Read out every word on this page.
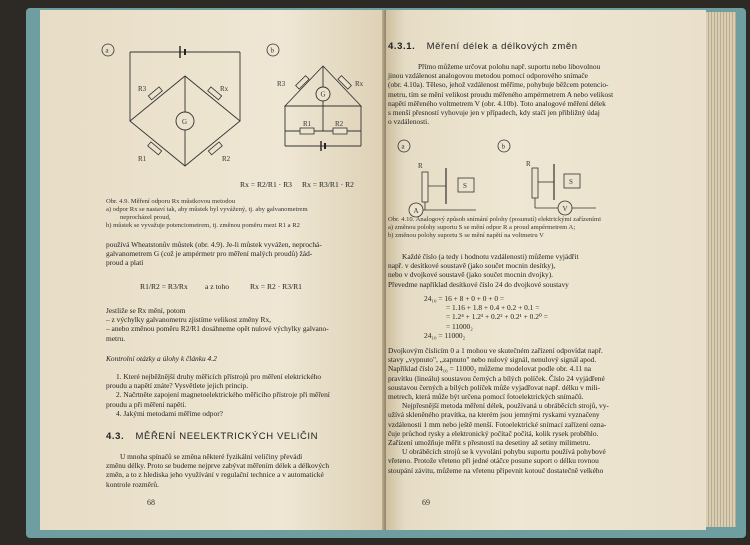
a
G
R3	Rx
R1	R2
b
G
R3	Rx
R1	R2
Rx = R2/R1 · R3 Rx = R3/R1 · R2
Obr. 4.9. Měření odporu Rx můstkovou metodou
a) odpor Rx se nastaví tak, aby můstek byl vyvážený, tj. aby galvanometrem
neprocházel proud,
b) můstek se vyvažuje potenciometrem, tj. změnou poměru mezi R1 a R2
používá Wheatstonův můstek (obr. 4.9). Je-li můstek vyvážen, neprochá-
galvanometrem G (což je ampérmetr pro měření malých proudů) žád-
proud a platí
R1/R2 = R3/Rx a z toho	Rx = R2 · R3/R1
Jestliže se Rx mění, potom
– z výchylky galvanometru zjistíme velikost změny Rx,
– anebo změnou poměru R2/R1 dosáhneme opět nulové výchylky galvano-
metru.
Kontrolní otázky a úlohy k článku 4.2
1. Které nejběžnější druhy měřicích přístrojů pro měření elektrického
proudu a napětí znáte? Vysvětlete jejich princip.
2. Načrtněte zapojení magnetoelektrického měřicího přístroje při měření
proudu a při měření napětí.
4. Jakými metodami měříme odpor?
4.3. MĚŘENÍ NEELEKTRICKÝCH VELIČIN
U mnoha spínačů se změna některé fyzikální veličiny převádí
změnu délky. Proto se budeme nejprve zabývat měřením délek a délkových
změn, a to z hlediska jeho využívání v regulační technice a v automatické
kontrole rozměrů.
68
4.3.1. Měření délek a délkových změn
Přímo můžeme určovat polohu např. suportu nebo libovolnou
jinou vzdálenost analogovou metodou pomocí odporového snímače
(obr. 4.10a). Těleso, jehož vzdálenost měříme, pohybuje běžcem potencio-
metru, tím se mění velikost proudu měřeného ampérmetrem A nebo velikost
napětí měřeného voltmetrem V (obr. 4.10b). Toto analogové měření délek
s menší přesností vyhovuje jen v případech, kdy stačí jen přibližný údaj
o vzdálenosti.
a
R
S
A
b
R
S
V
Obr. 4.10. Analogový způsob snímání polohy (posunutí) elektrickými zařízeními
a) změnou polohy suportu S se mění odpor R a proud ampérmetrem A;
b) změnou polohy suportu S se mění napětí na voltmetru V
Každé číslo (a tedy i hodnotu vzdálenosti) můžeme vyjádřit
např. v desítkové soustavě (jako součet mocnin desítky),
nebo v dvojkové soustavě (jako součet mocnin dvojky).
Převedme například desítkové číslo 24 do dvojkové soustavy
24₁₀ = 16 + 8 + 0 + 0 + 0 =
= 1.16 + 1.8 + 0.4 + 0.2 + 0.1 =
= 1.2⁴ + 1.2³ + 0.2² + 0.2¹ + 0.2⁰ =
= 11000₂
24₁₀ = 11000₂
Dvojkovým číslicím 0 a 1 mohou ve skutečném zařízení odpovídat např.
stavy „vypnuto", „zapnuto" nebo nulový signál, nenulový signál apod.
Například číslo 24₁₀ = 11000₂ můžeme modelovat podle obr. 4.11 na
pravítku (lineálu) soustavou černých a bílých políček. Číslo 24 vyjádřené
soustavou černých a bílých políček může vyjadřovat např. délku v mili-
metrech, která může být určena pomocí fotoelektrických snímačů.
Nejpřesnější metoda měření délek, používaná u obráběcích strojů, vy-
užívá skleněného pravítka, na kterém jsou jemnými ryskami vyznačeny
vzdálenosti 1 mm nebo ještě menší. Fotoelektrické snímací zařízení ozna-
čuje průchod rysky a elektronický počítač počítá, kolik rysek proběhlo.
Zařízení umožňuje měřit s přesností na desetiny až setiny milimetru.
U obráběcích strojů se k vyvolání pohybu suportu používá pohybové
vřeteno. Protože vřeteno při jedné otáčce posune suport o délku rovnou
stoupání závitu, můžeme na vřetenu připevnit kotouč dostatečně velkého
69
